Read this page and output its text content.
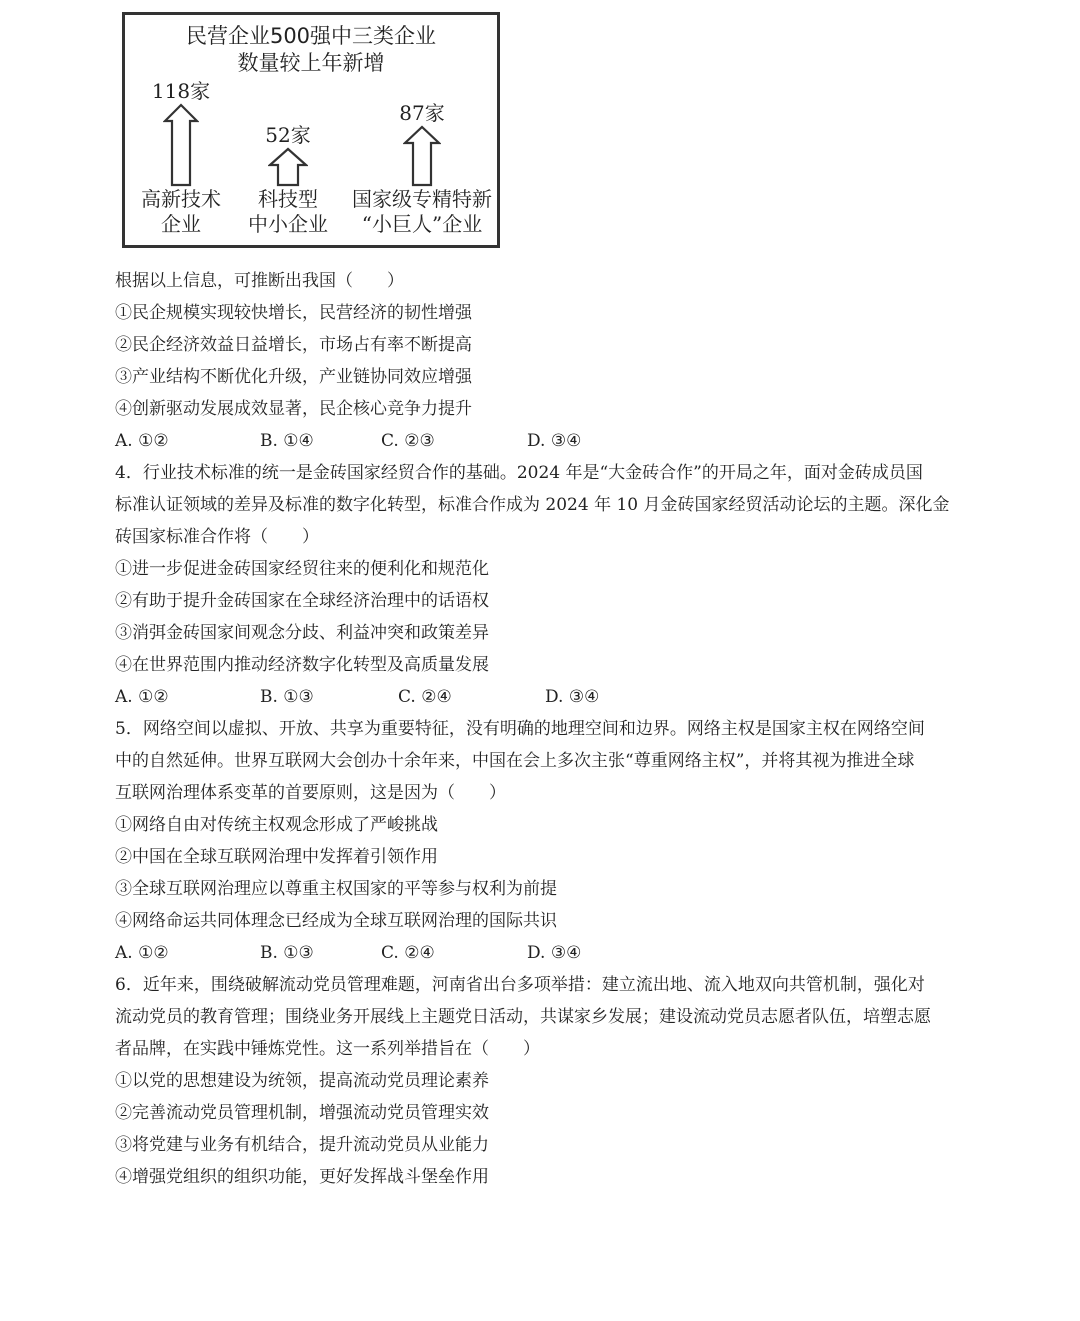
民营企业500强中三类企业
数量较上年新增
118家
高新技术
企业
52家
科技型
中小企业
87家
国家级专精特新
“小巨人”企业
根据以上信息，可推断出我国（　　）
①民企规模实现较快增长，民营经济的韧性增强
②民企经济效益日益增长，市场占有率不断提高
③产业结构不断优化升级，产业链协同效应增强
④创新驱动发展成效显著，民企核心竞争力提升
A. ①②	B. ①④	C. ②③	D. ③④
4．行业技术标准的统一是金砖国家经贸合作的基础。2024 年是“大金砖合作”的开局之年，面对金砖成员国
标准认证领域的差异及标准的数字化转型，标准合作成为 2024 年 10 月金砖国家经贸活动论坛的主题。深化金
砖国家标准合作将（　　）
①进一步促进金砖国家经贸往来的便利化和规范化
②有助于提升金砖国家在全球经济治理中的话语权
③消弭金砖国家间观念分歧、利益冲突和政策差异
④在世界范围内推动经济数字化转型及高质量发展
A. ①②	B. ①③	C. ②④	D. ③④
5．网络空间以虚拟、开放、共享为重要特征，没有明确的地理空间和边界。网络主权是国家主权在网络空间
中的自然延伸。世界互联网大会创办十余年来，中国在会上多次主张“尊重网络主权”，并将其视为推进全球
互联网治理体系变革的首要原则，这是因为（　　）
①网络自由对传统主权观念形成了严峻挑战
②中国在全球互联网治理中发挥着引领作用
③全球互联网治理应以尊重主权国家的平等参与权利为前提
④网络命运共同体理念已经成为全球互联网治理的国际共识
A. ①②	B. ①③	C. ②④	D. ③④
6．近年来，围绕破解流动党员管理难题，河南省出台多项举措：建立流出地、流入地双向共管机制，强化对
流动党员的教育管理；围绕业务开展线上主题党日活动，共谋家乡发展；建设流动党员志愿者队伍，培塑志愿
者品牌，在实践中锤炼党性。这一系列举措旨在（　　）
①以党的思想建设为统领，提高流动党员理论素养
②完善流动党员管理机制，增强流动党员管理实效
③将党建与业务有机结合，提升流动党员从业能力
④增强党组织的组织功能，更好发挥战斗堡垒作用
